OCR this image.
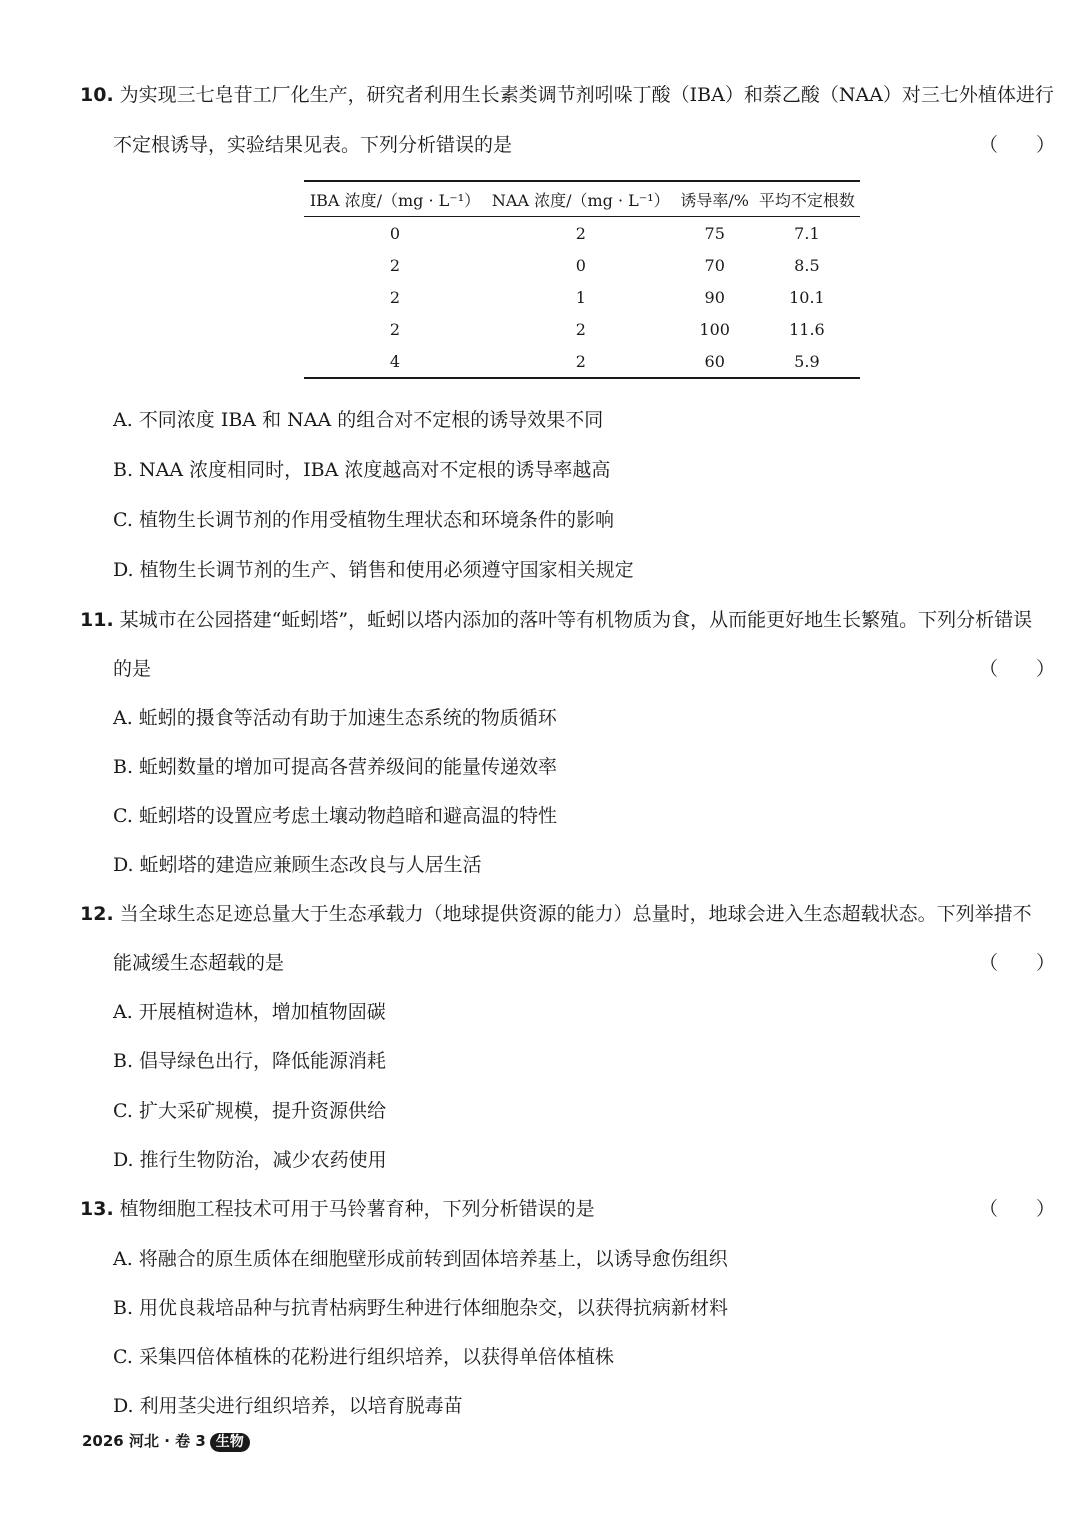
10. 为实现三七皂苷工厂化生产，研究者利用生长素类调节剂吲哚丁酸（IBA）和萘乙酸（NAA）对三七外植体进行
不定根诱导，实验结果见表。下列分析错误的是	（　　）
IBA 浓度/（mg · L⁻¹）	NAA 浓度/（mg · L⁻¹）	诱导率/%	平均不定根数
0	2	75	7.1
2	0	70	8.5
2	1	90	10.1
2	2	100	11.6
4	2	60	5.9
A. 不同浓度 IBA 和 NAA 的组合对不定根的诱导效果不同
B. NAA 浓度相同时，IBA 浓度越高对不定根的诱导率越高
C. 植物生长调节剂的作用受植物生理状态和环境条件的影响
D. 植物生长调节剂的生产、销售和使用必须遵守国家相关规定
11. 某城市在公园搭建“蚯蚓塔”，蚯蚓以塔内添加的落叶等有机物质为食，从而能更好地生长繁殖。下列分析错误
的是	（　　）
A. 蚯蚓的摄食等活动有助于加速生态系统的物质循环
B. 蚯蚓数量的增加可提高各营养级间的能量传递效率
C. 蚯蚓塔的设置应考虑土壤动物趋暗和避高温的特性
D. 蚯蚓塔的建造应兼顾生态改良与人居生活
12. 当全球生态足迹总量大于生态承载力（地球提供资源的能力）总量时，地球会进入生态超载状态。下列举措不
能减缓生态超载的是	（　　）
A. 开展植树造林，增加植物固碳
B. 倡导绿色出行，降低能源消耗
C. 扩大采矿规模，提升资源供给
D. 推行生物防治，减少农药使用
13. 植物细胞工程技术可用于马铃薯育种，下列分析错误的是	（　　）
A. 将融合的原生质体在细胞壁形成前转到固体培养基上，以诱导愈伤组织
B. 用优良栽培品种与抗青枯病野生种进行体细胞杂交，以获得抗病新材料
C. 采集四倍体植株的花粉进行组织培养，以获得单倍体植株
D. 利用茎尖进行组织培养，以培育脱毒苗
2026 河北 · 卷 3 生物
